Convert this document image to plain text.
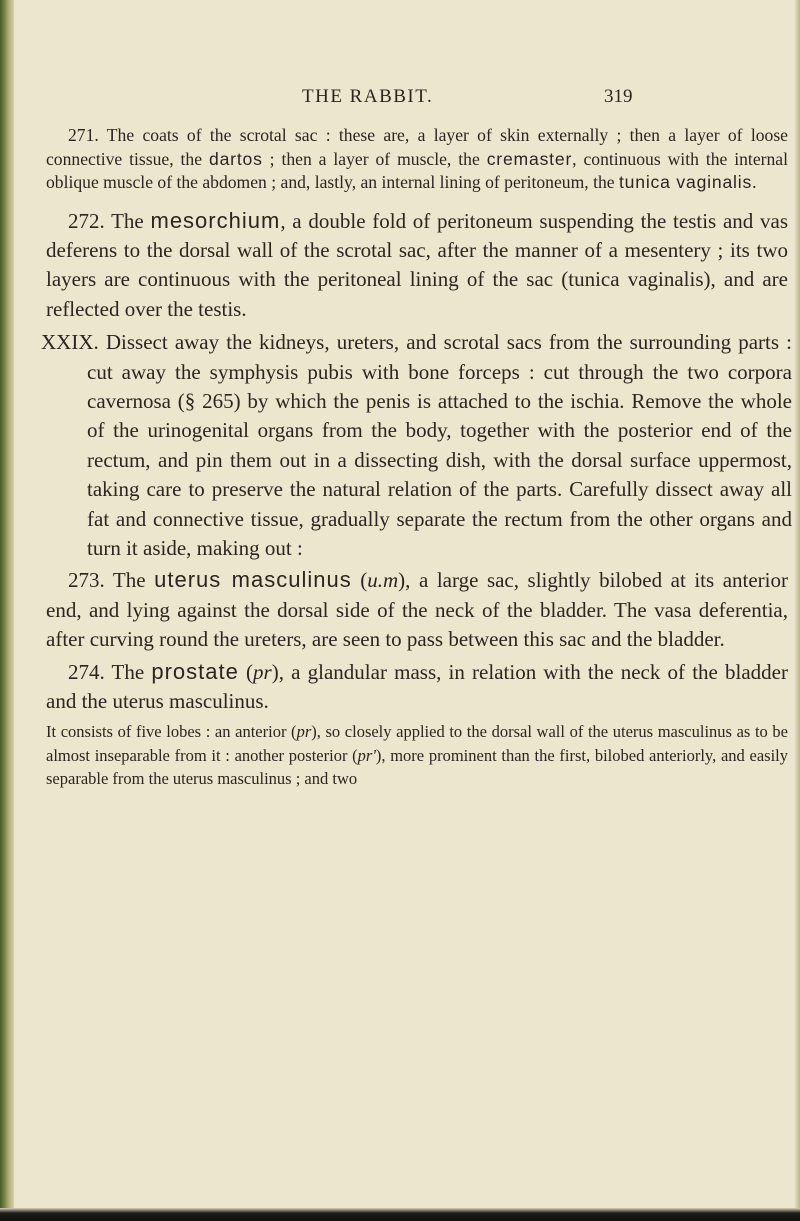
THE RABBIT.	319

271. The coats of the scrotal sac : these are, a layer of skin externally ; then a layer of loose connective tissue, the dartos ; then a layer of muscle, the cremaster, continuous with the internal oblique muscle of the abdomen ; and, lastly, an internal lining of peritoneum, the tunica vaginalis.

272. The mesorchium, a double fold of peritoneum suspending the testis and vas deferens to the dorsal wall of the scrotal sac, after the manner of a mesentery ; its two layers are continuous with the peritoneal lining of the sac (tunica vaginalis), and are reflected over the testis.

XXIX. Dissect away the kidneys, ureters, and scrotal sacs from the surrounding parts : cut away the symphysis pubis with bone forceps : cut through the two corpora cavernosa (§ 265) by which the penis is attached to the ischia. Remove the whole of the urinogenital organs from the body, together with the posterior end of the rectum, and pin them out in a dissecting dish, with the dorsal surface uppermost, taking care to preserve the natural relation of the parts. Carefully dissect away all fat and connective tissue, gradually separate the rectum from the other organs and turn it aside, making out :

273. The uterus masculinus (u.m), a large sac, slightly bilobed at its anterior end, and lying against the dorsal side of the neck of the bladder. The vasa deferentia, after curving round the ureters, are seen to pass between this sac and the bladder.

274. The prostate (pr), a glandular mass, in relation with the neck of the bladder and the uterus masculinus.

It consists of five lobes : an anterior (pr), so closely applied to the dorsal wall of the uterus masculinus as to be almost inseparable from it : another posterior (pr'), more prominent than the first, bilobed anteriorly, and easily separable from the uterus masculinus ; and two
